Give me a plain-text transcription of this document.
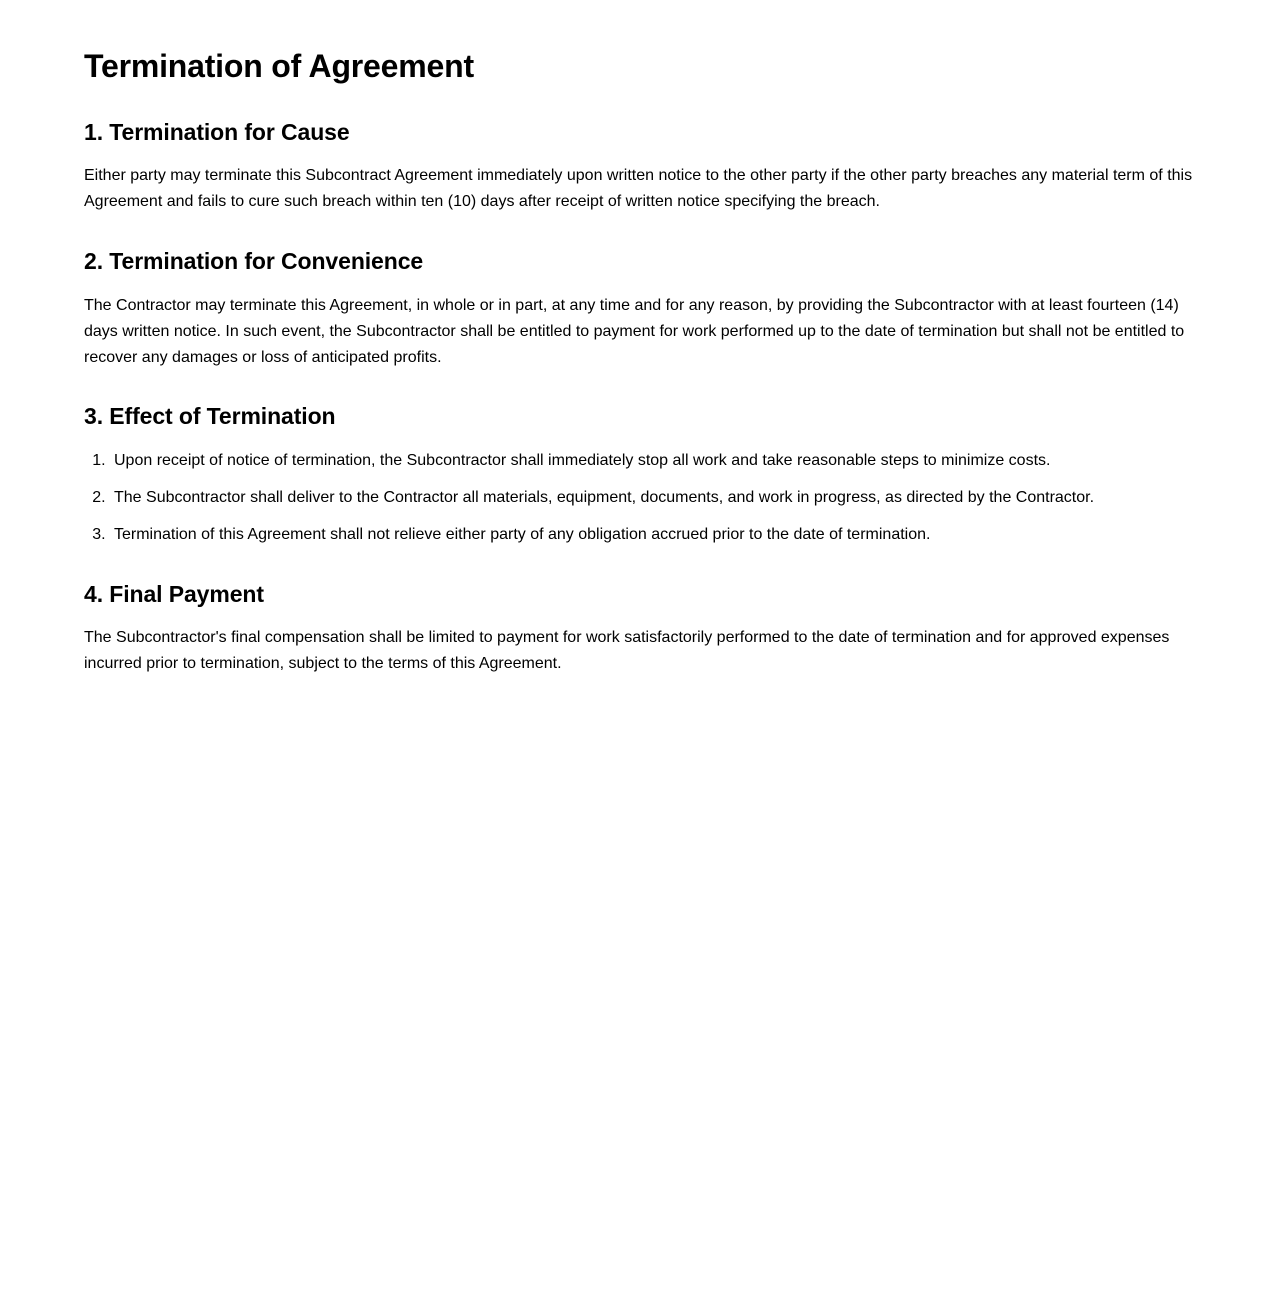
Termination of Agreement
1. Termination for Cause

Either party may terminate this Subcontract Agreement immediately upon written notice to the other party if the other party breaches any material term of this Agreement and fails to cure such breach within ten (10) days after receipt of written notice specifying the breach.

2. Termination for Convenience

The Contractor may terminate this Agreement, in whole or in part, at any time and for any reason, by providing the Subcontractor with at least fourteen (14) days written notice. In such event, the Subcontractor shall be entitled to payment for work performed up to the date of termination but shall not be entitled to recover any damages or loss of anticipated profits.

3. Effect of Termination
1. Upon receipt of notice of termination, the Subcontractor shall immediately stop all work and take reasonable steps to minimize costs.
2. The Subcontractor shall deliver to the Contractor all materials, equipment, documents, and work in progress, as directed by the Contractor.
3. Termination of this Agreement shall not relieve either party of any obligation accrued prior to the date of termination.
4. Final Payment

The Subcontractor's final compensation shall be limited to payment for work satisfactorily performed to the date of termination and for approved expenses incurred prior to termination, subject to the terms of this Agreement.
